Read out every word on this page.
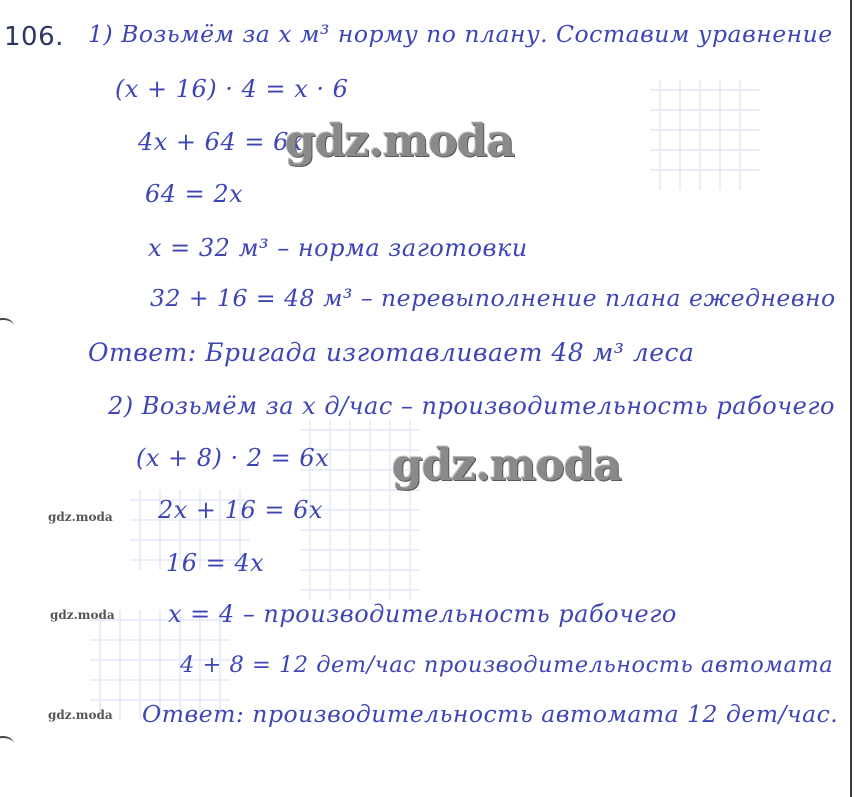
106. 1) Возьмём за x м³ норму по плану. Составим уравнение
(x + 16) · 4 = x · 6
4x + 64 = 6x
64 = 2x
x = 32 м³ – норма заготовки
32 + 16 = 48 м³ – перевыполнение плана ежедневно
Ответ: Бригада изготавливает 48 м³ леса
2) Возьмём за x д/час – производительность рабочего
(x + 8) · 2 = 6x
2x + 16 = 6x
16 = 4x
x = 4 – производительность рабочего
4 + 8 = 12 дет/час производительность автомата
Ответ: производительность автомата 12 дет/час.
gdz.moda
gdz.moda
gdz.moda
gdz.moda
gdz.moda
